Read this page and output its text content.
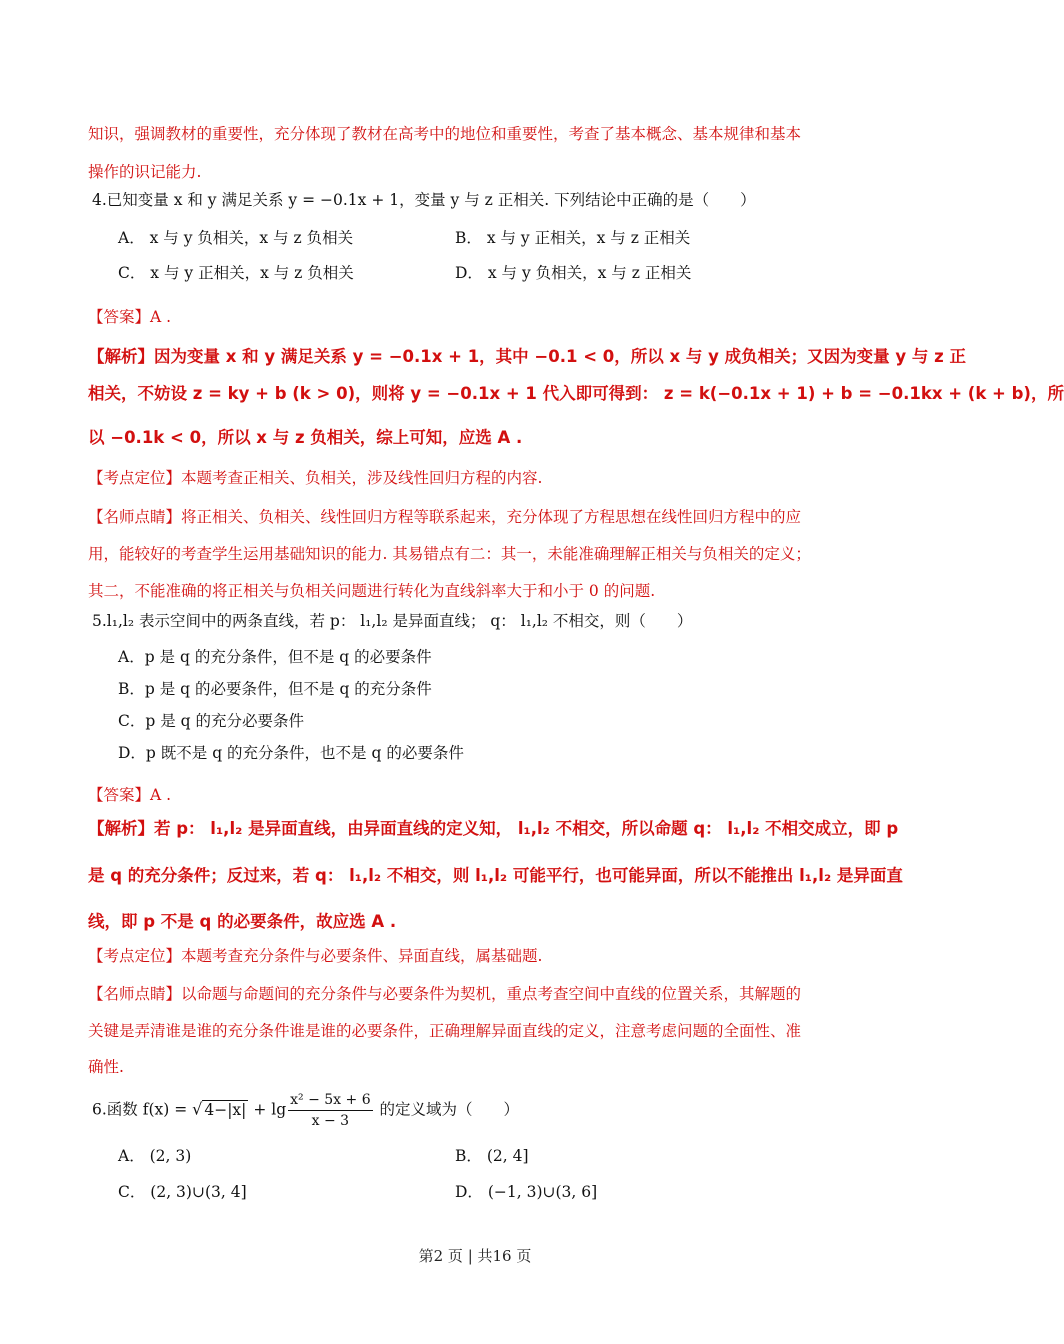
知识，强调教材的重要性，充分体现了教材在高考中的地位和重要性，考查了基本概念、基本规律和基本
操作的识记能力.
4.已知变量 x 和 y 满足关系 y = −0.1x + 1，变量 y 与 z 正相关. 下列结论中正确的是（　　）
A． x 与 y 负相关，x 与 z 负相关	B． x 与 y 正相关，x 与 z 正相关
C． x 与 y 正相关，x 与 z 负相关	D． x 与 y 负相关，x 与 z 正相关
【答案】A .
【解析】因为变量 x 和 y 满足关系 y = −0.1x + 1，其中 −0.1 < 0，所以 x 与 y 成负相关；又因为变量 y 与 z 正
相关，不妨设 z = ky + b (k > 0)，则将 y = −0.1x + 1 代入即可得到： z = k(−0.1x + 1) + b = −0.1kx + (k + b)，所
以 −0.1k < 0，所以 x 与 z 负相关，综上可知，应选 A .
【考点定位】本题考查正相关、负相关，涉及线性回归方程的内容.
【名师点睛】将正相关、负相关、线性回归方程等联系起来，充分体现了方程思想在线性回归方程中的应
用，能较好的考查学生运用基础知识的能力. 其易错点有二：其一，未能准确理解正相关与负相关的定义；
其二，不能准确的将正相关与负相关问题进行转化为直线斜率大于和小于 0 的问题.
5.l₁,l₂ 表示空间中的两条直线，若 p： l₁,l₂ 是异面直线； q： l₁,l₂ 不相交，则（　　）
A．p 是 q 的充分条件，但不是 q 的必要条件
B．p 是 q 的必要条件，但不是 q 的充分条件
C．p 是 q 的充分必要条件
D．p 既不是 q 的充分条件，也不是 q 的必要条件
【答案】A .
【解析】若 p： l₁,l₂ 是异面直线，由异面直线的定义知， l₁,l₂ 不相交，所以命题 q： l₁,l₂ 不相交成立，即 p
是 q 的充分条件；反过来，若 q： l₁,l₂ 不相交，则 l₁,l₂ 可能平行，也可能异面，所以不能推出 l₁,l₂ 是异面直
线，即 p 不是 q 的必要条件，故应选 A .
【考点定位】本题考查充分条件与必要条件、异面直线，属基础题.
【名师点睛】以命题与命题间的充分条件与必要条件为契机，重点考查空间中直线的位置关系，其解题的
关键是弄清谁是谁的充分条件谁是谁的必要条件，正确理解异面直线的定义，注意考虑问题的全面性、准
确性.
6.函数 f(x) = √ $4-|x| + \lg \frac{\text{x² − 5x + 6}}{x - 3}$ 的定义域为（　　）
A． (2, 3)	B． (2, 4]
C． (2, 3)∪(3, 4]	D． (−1, 3)∪(3, 6]
第2 页 | 共16 页
